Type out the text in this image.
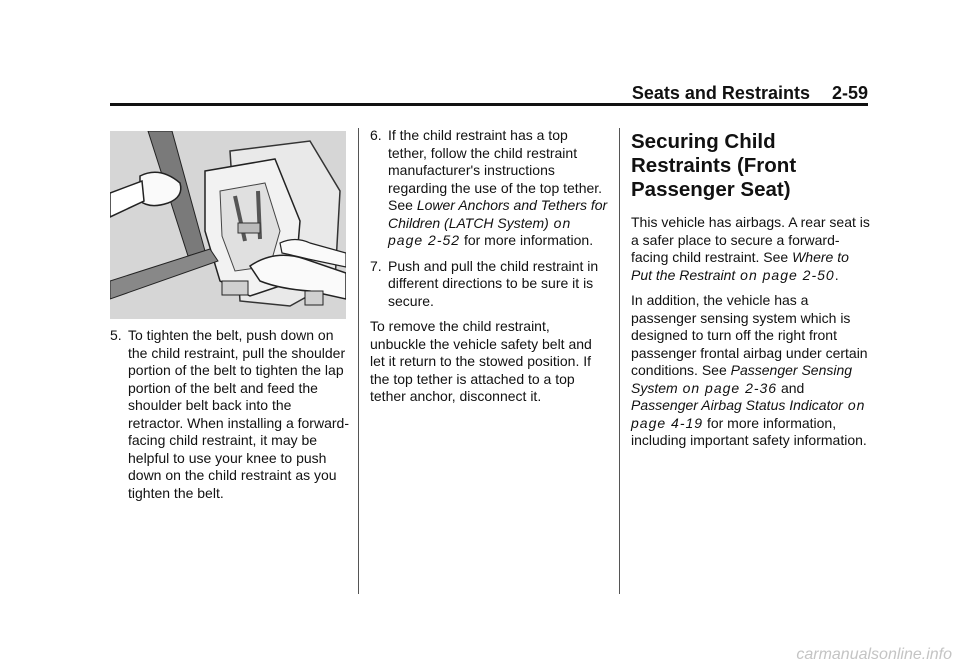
Seats and Restraints 2-59
5. To tighten the belt, push down on the child restraint, pull the shoulder portion of the belt to tighten the lap portion of the belt and feed the shoulder belt back into the retractor. When installing a forward-facing child restraint, it may be helpful to use your knee to push down on the child restraint as you tighten the belt.
6. If the child restraint has a top tether, follow the child restraint manufacturer's instructions regarding the use of the top tether. See Lower Anchors and Tethers for Children (LATCH System) on page 2-52 for more information.
7. Push and pull the child restraint in different directions to be sure it is secure.

To remove the child restraint, unbuckle the vehicle safety belt and let it return to the stowed position. If the top tether is attached to a top tether anchor, disconnect it.

Securing Child Restraints (Front Passenger Seat)

This vehicle has airbags. A rear seat is a safer place to secure a forward-facing child restraint. See Where to Put the Restraint on page 2-50.

In addition, the vehicle has a passenger sensing system which is designed to turn off the right front passenger frontal airbag under certain conditions. See Passenger Sensing System on page 2-36 and Passenger Airbag Status Indicator on page 4-19 for more information, including important safety information.

carmanualsonline.info
